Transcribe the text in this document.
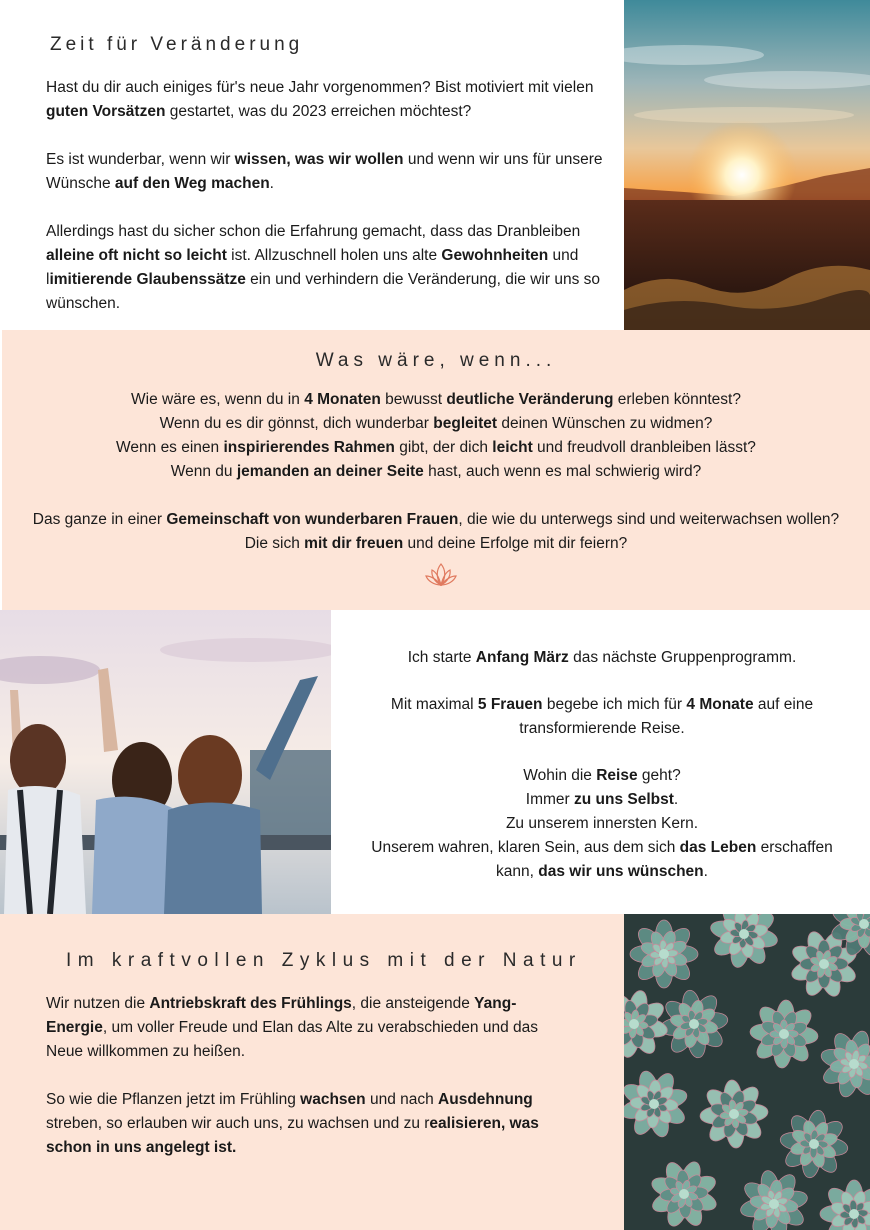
Zeit für Veränderung

Hast du dir auch einiges für's neue Jahr vorgenommen? Bist motiviert mit vielen guten Vorsätzen gestartet, was du 2023 erreichen möchtest?

Es ist wunderbar, wenn wir wissen, was wir wollen und wenn wir uns für unsere Wünsche auf den Weg machen.

Allerdings hast du sicher schon die Erfahrung gemacht, dass das Dranbleiben alleine oft nicht so leicht ist. Allzuschnell holen uns alte Gewohnheiten und limitierende Glaubenssätze ein und verhindern die Veränderung, die wir uns so wünschen.

Was wäre, wenn...
Wie wäre es, wenn du in 4 Monaten bewusst deutliche Veränderung erleben könntest?
Wenn du es dir gönnst, dich wunderbar begleitet deinen Wünschen zu widmen?
Wenn es einen inspirierendes Rahmen gibt, der dich leicht und freudvoll dranbleiben lässt?
Wenn du jemanden an deiner Seite hast, auch wenn es mal schwierig wird?
Das ganze in einer Gemeinschaft von wunderbaren Frauen, die wie du unterwegs sind und weiterwachsen wollen?
Die sich mit dir freuen und deine Erfolge mit dir feiern?
Ich starte Anfang März das nächste Gruppenprogramm.
Mit maximal 5 Frauen begebe ich mich für 4 Monate auf eine
transformierende Reise.
Wohin die Reise geht?
Immer zu uns Selbst.
Zu unserem innersten Kern.
Unserem wahren, klaren Sein, aus dem sich das Leben erschaffen
kann, das wir uns wünschen.
Im kraftvollen Zyklus mit der Natur

Wir nutzen die Antriebskraft des Frühlings, die ansteigende Yang-Energie, um voller Freude und Elan das Alte zu verabschieden und das Neue willkommen zu heißen.

So wie die Pflanzen jetzt im Frühling wachsen und nach Ausdehnung streben, so erlauben wir auch uns, zu wachsen und zu realisieren, was schon in uns angelegt ist.
